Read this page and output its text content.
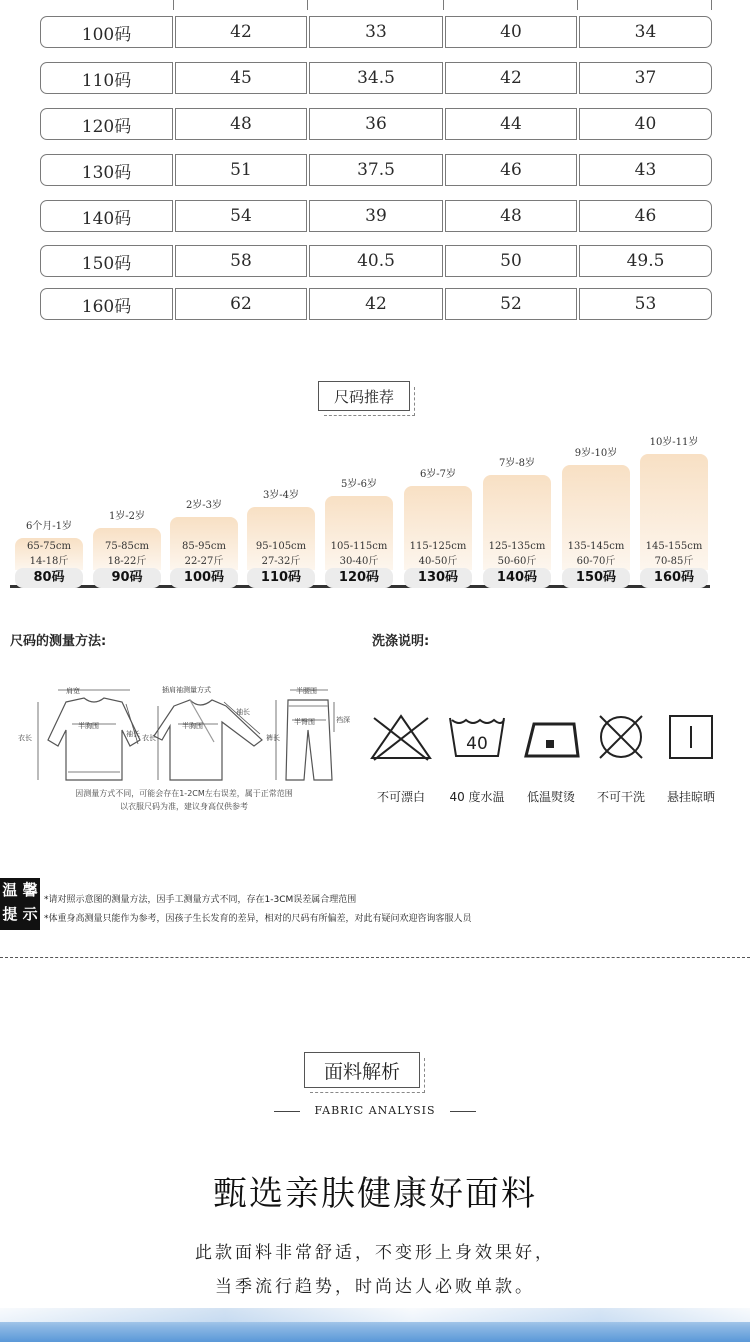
100码	42	33	40	34
110码	45	34.5	42	37
120码	48	36	44	40
130码	51	37.5	46	43
140码	54	39	48	46
150码	58	40.5	50	49.5
160码	62	42	52	53
尺码推荐
6个月-1岁
65-75cm
14-18斤
80码
1岁-2岁
75-85cm
18-22斤
90码
2岁-3岁
85-95cm
22-27斤
100码
3岁-4岁
95-105cm
27-32斤
110码
5岁-6岁
105-115cm
30-40斤
120码
6岁-7岁
115-125cm
40-50斤
130码
7岁-8岁
125-135cm
50-60斤
140码
9岁-10岁
135-145cm
60-70斤
150码
10岁-11岁
145-155cm
70-85斤
160码
尺码的测量方法:
肩宽
半胸围
衣长	袖长
插肩袖测量方式
半胸围
衣长
袖长
半腰围
半臀围	裆深
裤长
因测量方式不同，可能会存在1-2CM左右误差，属于正常范围
以衣服尺码为准，建议身高仅供参考
洗涤说明:
40
不可漂白	40 度水温	低温熨烫	不可干洗	悬挂晾晒
温 馨
提 示
*请对照示意图的测量方法，因手工测量方式不同，存在1-3CM误差属合理范围
*体重身高测量只能作为参考，因孩子生长发育的差异，相对的尺码有所偏差，对此有疑问欢迎咨询客服人员
面料解析
FABRIC ANALYSIS
甄选亲肤健康好面料
此款面料非常舒适，不变形上身效果好，
当季流行趋势，时尚达人必败单款。
